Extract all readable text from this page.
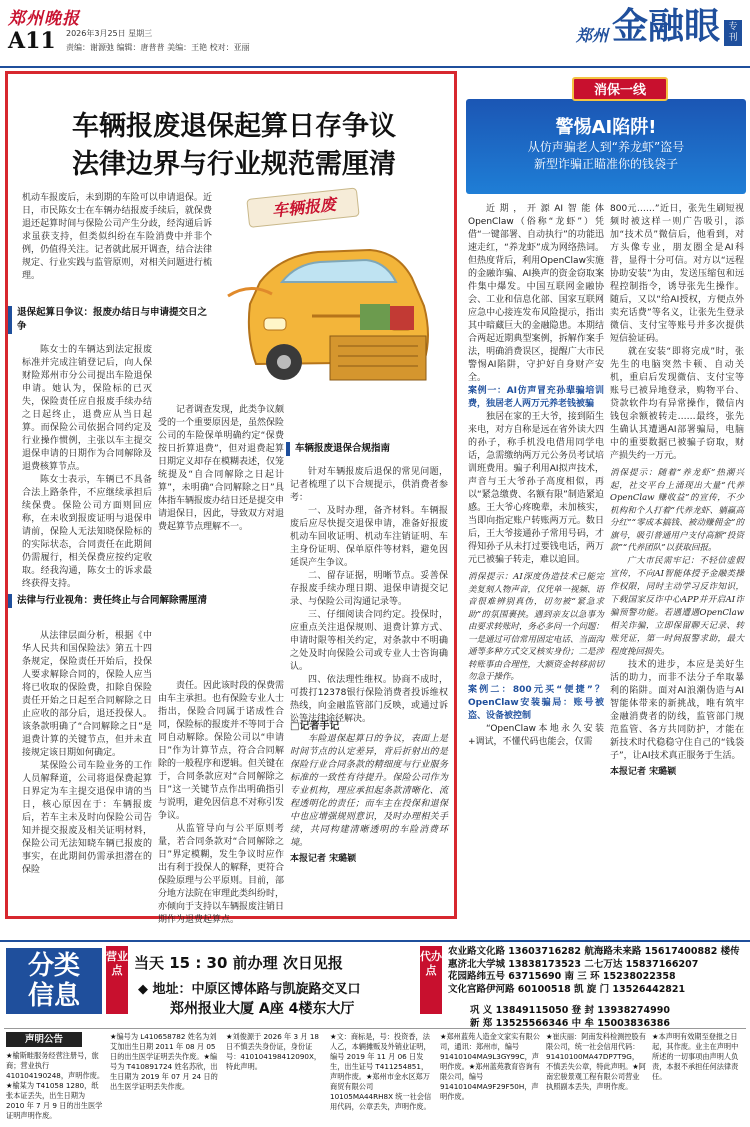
郑州晚报
A11 2026年3月25日 星期三
责编：谢源弛 编辑：唐普普 美编：王艳 校对：亚丽
郑州 金融眼 专刊
车辆报废退保起算日存争议
法律边界与行业规范需厘清
机动车报废后，未到期的车险可以申请退保。近日，市民陈女士在车辆办结报废手续后，就保费退还起算时间与保险公司产生分歧，经沟通后诉求虽获支持，但类似纠纷在车险消费中并非个例，仍值得关注。记者就此展开调查，结合法律规定、行业实践与监管原则，对相关问题进行梳理。
车辆报废
退保起算日争议：报废办结日与申请提交日之争

陈女士的车辆达到法定报废标准并完成注销登记后，向人保财险郑州市分公司提出车险退保申请。她认为，保险标的已灭失，保险责任应自报废手续办结之日起终止，退费应从当日起算。而保险公司依据合同约定及行业操作惯例，主张以车主提交退保申请的日期作为合同解除及退费核算节点。

陈女士表示，车辆已不具备合法上路条件，不应继续承担后续保费。保险公司方面则回应称，在未收到报废证明与退保申请前，保险人无法知晓保险标的的实际状态，合同责任在此期间仍需履行，相关保费应按约定收取。经我沟通，陈女士的诉求最终获得支持。

记者调查发现，此类争议颇受的一个重要原因是，虽然保险公司的车险保单明确约定“保费按日折算退费”，但对退费起算日期定义却存在模糊表述，仅笼统提及“自合同解除之日起计算”，未明确“合同解除之日”具体指车辆报废办结日还是提交申请退保日，因此，导致双方对退费起算节点理解不一。

车辆报废退保合规指南

针对车辆报废后退保的常见问题，记者梳理了以下合规提示，供消费者参考：

一、及时办理，备齐材料。车辆报废后应尽快提交退保申请，准备好报废机动车回收证明、机动车注销证明、车主身份证明、保单原件等材料，避免因延误产生争议。

二、留存证据，明晰节点。妥善保存报废手续办理日期、退保申请提交记录、与保险公司沟通记录等。

三、仔细阅读合同约定。投保时，应重点关注退保规则、退费计算方式、申请时限等相关约定，对条款中不明确之处及时向保险公司或专业人士咨询确认。

四、依法理性维权。协商不成时，可拨打12378银行保险消费者投诉维权热线，向金融监管部门反映，或通过诉讼等法律途径解决。

法律与行业视角：责任终止与合同解除需厘清

从法律层面分析，根据《中华人民共和国保险法》第五十四条规定，保险责任开始后，投保人要求解除合同的，保险人应当将已收取的保险费，扣除自保险责任开始之日起至合同解除之日止应收的部分后，退还投保人。该条款明确了“合同解除之日”是退费计算的关键节点，但并未直接规定该日期如何确定。

某保险公司车险业务的工作人员解释道，公司将退保费起算日界定为车主提交退保申请的当日，核心原因在于：车辆报废后，若车主未及时向保险公司告知并提交报废及相关证明材料，保险公司无法知晓车辆已报废的事实，在此期间仍需承担潜在的保险

责任。因此该时段的保费需由车主承担。也有保险专业人士指出，保险合同属于诺成性合同，保险标的报废并不等同于合同自动解除。保险公司以“申请日”作为计算节点，符合合同解除的一般程序和逻辑。但关键在于，合同条款应对“合同解除之日”这一关键节点作出明确指引与说明，避免因信息不对称引发争议。

从监管导向与公平原则考量，若合同条款对“合同解除之日”界定模糊，发生争议时应作出有利于投保人的解释，更符合保险原理与公平原则。目前，部分地方法院在审理此类纠纷时，亦倾向于支持以车辆报废注销日期作为退费起算点。

□记者手记

车险退保起算日的争议，表面上是时间节点的认定差异，背后折射出的是保险行业合同条款的精细度与行业服务标准的一致性有待提升。保险公司作为专业机构，理应承担起条款清晰化、流程透明化的责任；而车主在投保和退保中也应增强规则意识，及时办理相关手续，共同构建清晰透明的车险消费环境。

本报记者 宋璐颖
消保一线
警惕AI陷阱!
从仿声骗老人到“养龙虾”盗号
新型诈骗正瞄准你的钱袋子

近期，开源AI智能体OpenClaw（俗称“龙虾”）凭借“一键部署、自动执行”的功能迅速走红，“养龙虾”成为网络热词。但热度背后，利用OpenClaw实施的金融诈骗、AI换声的资金窃取案件集中爆发。中国互联网金融协会、工业和信息化部、国家互联网应急中心接连发布风险提示，指出其中暗藏巨大的金融隐患。本期结合两起近期典型案例，拆解作案手法，明确消费误区，提醒广大市民警惕AI陷阱，守护好自身财产安全。

案例一：AI仿声冒充孙辈骗培训费，独居老人两万元养老钱被骗

独居在家的王大爷，接到陌生来电，对方自称是远在省外读大四的孙子，称手机没电借用同学电话，急需缴纳两万元公务员考试培训班费用。骗子利用AI拟声技术，声音与王大爷孙子高度相似，再以“紧急缴费、名额有限”制造紧迫感。王大爷心疼晚辈，未加核实，当即向指定账户转账两万元。数日后，王大爷接通孙子常用号码，才得知孙子从未打过要钱电话，两万元已被骗子转走，难以追回。

消保提示：AI深度伪造技术已能完美复刻人物声音，仅凭单一视频、语音很难辨别真伪，切勿被“紧急求助”的氛围裹挟。遇到亲友以急事为由要求转账时，务必多问一个问题：一是通过可信常用固定电话、当面沟通等多种方式交叉核实身份；二是涉转账事由合理性，大额资金转移前切勿急于操作。

案例二：800元买“便捷”？OpenClaw安装骗局：账号被盗、设备被控制

“OpenClaw本地永久安装+调试，不懂代码也能会，仅需

800元……”近日，张先生刷短视频时被这样一则广告吸引，添加“技术员”微信后，他看到，对方头像专业，朋友圈全是AI科普，显得十分可信。对方以“远程协助安装”为由，发送压缩包和远程控制指令，诱导张先生操作。随后，又以“给AI授权，方便点外卖充话费”等名义，让张先生登录微信、支付宝等账号并多次提供短信验证码。

就在安装“即将完成”时，张先生的电脑突然卡顿、自动关机，重启后发现微信、支付宝等账号已被异地登录，购物平台、贷款软件均有异常操作，微信内钱包余额被转走……最终，张先生确认其遭遇AI部署骗局，电脑中的重要数据已被骗子窃取，财产损失约一万元。

消保提示：随着“养龙虾”热潮兴起，社交平台上涌现出大量“代养OpenClaw 赚收益”的宣传，不少机构和个人打着“代养龙虾、躺赢高分红”“零成本搞钱、被动赚佣金”的旗号，吸引普通用户支付高额“投资款”“代养团队”以获取回报。

广大市民需牢记：不轻信虚假宣传，不向AI智能体授予金融类操作权限，同时主动学习反诈知识，下载国家反诈中心APP并开启AI诈骗预警功能。若遇遭遇OpenClaw相关诈骗，立即保留聊天记录、转账凭证，第一时间报警求助，最大程度挽回损失。

技术的进步，本应是美好生活的助力，而非不法分子牟取暴利的陷阱。面对AI浪潮伪造与AI智能体带来的新挑战，唯有筑牢金融消费者的防线，监管部门规范监管、各方共同防护，才能在新技术时代稳稳守住自己的“钱袋子”，让AI技术真正服务于生活。

本报记者 宋璐颖
分类
信息
营业点 当天 15 : 30 前办理 次日见报
◆ 地址：中原区博体路与凯旋路交叉口
郑州报业大厦 A座 4楼东大厅
代办点
农业路文化路 13603716282 航海路未来路 15617400882 楼传
惠济北大学城 13838173523 二七万达 15837166207
花园路纬五号 63715690 南 三 环 15238022358
文化宫路伊河路 60100518 凯 旋 门 13526442821
巩 义 13849115050 登 封 13938274990
新 郑 13525566346 中 牟 15003836386
声明公告
★榆斯畦服务经营注册号，旅商；营业执行 410104190248，声明作废。★榆某为 T41058 1280，纸张本证丢失，出生日期为 2010 年 7 月 9 日的出生医学证明声明作废。
★编号为 L410658782 姓名为刘艾加出生日期 2011 年 08 月 05 日的出生医学证明丢失作废。★编号为 T410891724 姓名苏欣，出生日期为 2019 年 07 月 24 日的出生医学证明丢失作废。
★刘俊源于 2026 年 3 月 18 日不慎丢失身份证，身份证号：410104198412090X，特此声明。
★文：商标是，号：投资香，法人乙，本辆摊贩及外销业证明，编号 2019 年 11 月 06 日发生，出生证号 T411254851，声明作废。★郑州市金水区郑万商贸有限公司 10105MA44RH8X 统一社会信用代码，公章丢失，声明作废。
★郑州蓝苑人造金文家实有限公司，通讯：郑州市，编号 91410104MA9L3GY99C，声明作废。★郑州蓝苑教育咨询有限公司，编号 91410104MA9F29F50H，声明作废。
★崔庆丽：阿南发科检测控股有限公司，统一社会信用代码：91410100MA47DP7T9G，不慎丢失公章，特此声明。★阿南宏骏景观工程有限公司营业执照副本丢失，声明作废。
★本声明有效期至登报之日起，其作废。业主在声明中所述的一切事项由声明人负责，本报不承担任何法律责任。
